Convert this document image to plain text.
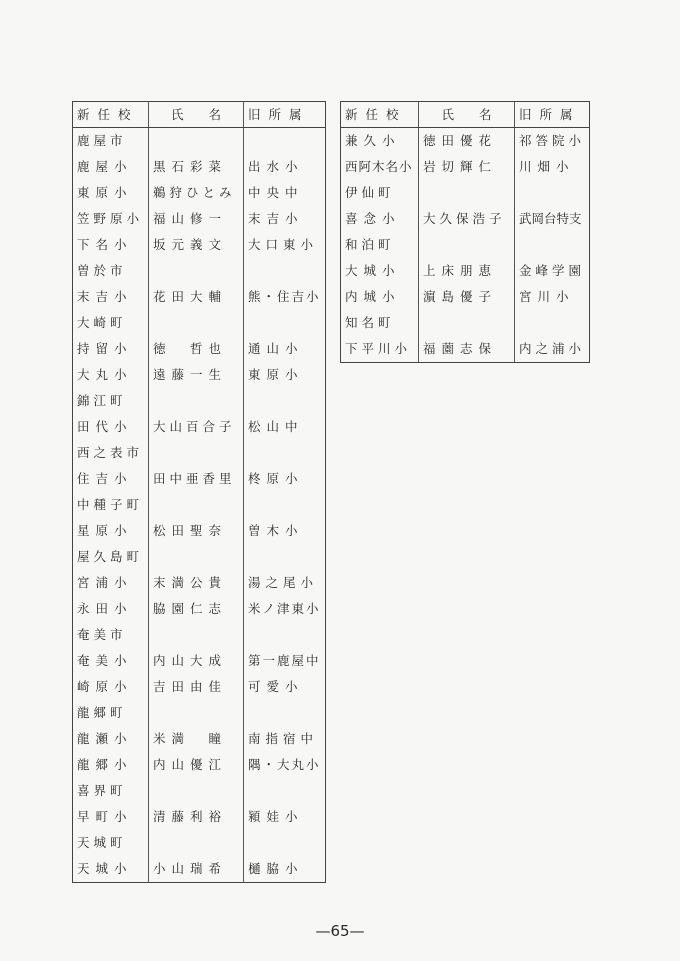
新任校	氏　　名	旧所属
鹿屋市		
鹿屋小	黒石彩菜	出水小
東原小	鵜狩ひとみ	中央中
笠野原小	福山修一	末吉小
下名小	坂元義文	大口東小
曽於市		
末吉小	花田大輔	熊・住吉小
大崎町		
持留小	徳　哲也	通山小
大丸小	遠藤一生	東原小
錦江町		
田代小	大山百合子	松山中
西之表市		
住吉小	田中亜香里	柊原小
中種子町		
星原小	松田聖奈	曽木小
屋久島町		
宮浦小	末満公貴	湯之尾小
永田小	脇園仁志	米ノ津東小
奄美市		
奄美小	内山大成	第一鹿屋中
崎原小	吉田由佳	可愛小
龍郷町		
龍瀬小	米満　瞳	南指宿中
龍郷小	内山優江	隅・大丸小
喜界町		
早町小	清藤利裕	潁娃小
天城町		
天城小	小山瑞希	樋脇小
新任校	氏　　名	旧所属
兼久小	徳田優花	祁答院小
西阿木名小	岩切輝仁	川畑小
伊仙町		
喜念小	大久保浩子	武岡台特支
和泊町		
大城小	上床朋恵	金峰学園
内城小	濵島優子	宮川小
知名町		
下平川小	福薗志保	内之浦小
—65—
